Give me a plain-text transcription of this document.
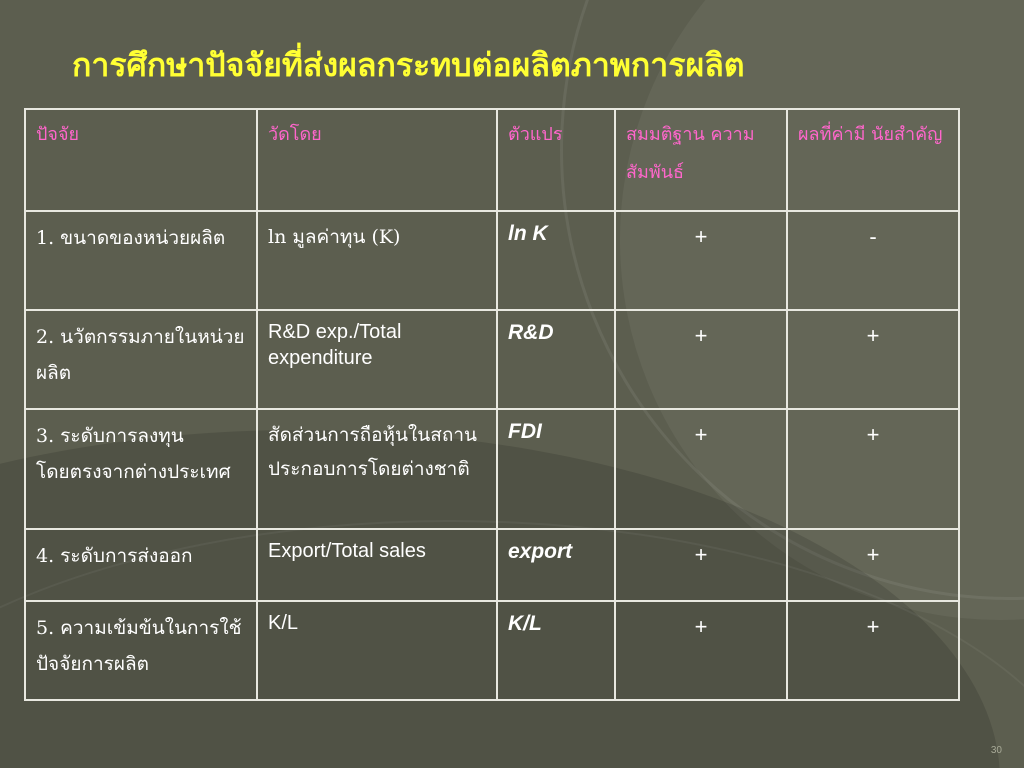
การศึกษาปัจจัยที่ส่งผลกระทบต่อผลิตภาพการผลิต
ปัจจัย	วัดโดย	ตัวแปร	สมมติฐาน ความสัมพันธ์	ผลที่ค่ามี นัยสำคัญ
1. ขนาดของหน่วยผลิต	ln มูลค่าทุน (K)	ln K	+	-
2. นวัตกรรมภายในหน่วยผลิต	R&D exp./Total expenditure	R&D	+	+
3. ระดับการลงทุนโดยตรงจากต่างประเทศ	สัดส่วนการถือหุ้นในสถานประกอบการโดยต่างชาติ	FDI	+	+
4. ระดับการส่งออก	Export/Total sales	export	+	+
5. ความเข้มข้นในการใช้ปัจจัยการผลิต	K/L	K/L	+	+
30
